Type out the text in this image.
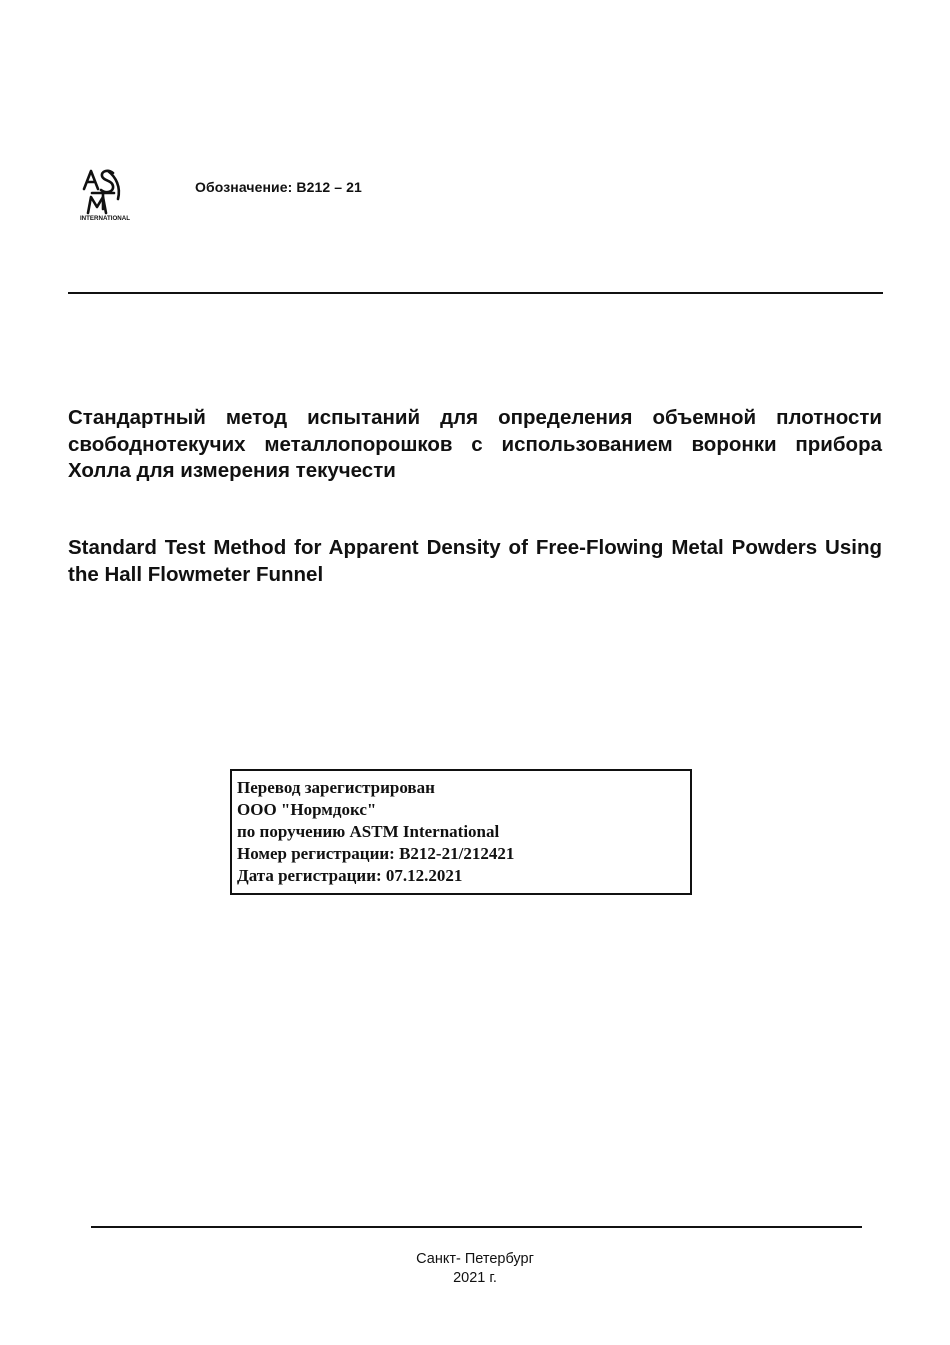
INTERNATIONAL
Обозначение: B212 – 21
Стандартный метод испытаний для определения объемной плотности свободнотекучих металлопорошков с использованием воронки прибора Холла для измерения текучести
Standard Test Method for Apparent Density of Free-Flowing Metal Powders Using the Hall Flowmeter Funnel
Перевод зарегистрирован
ООО "Нормдокс"
по поручению ASTM International
Номер регистрации: B212-21/212421
Дата регистрации: 07.12.2021
Санкт- Петербург
2021 г.
